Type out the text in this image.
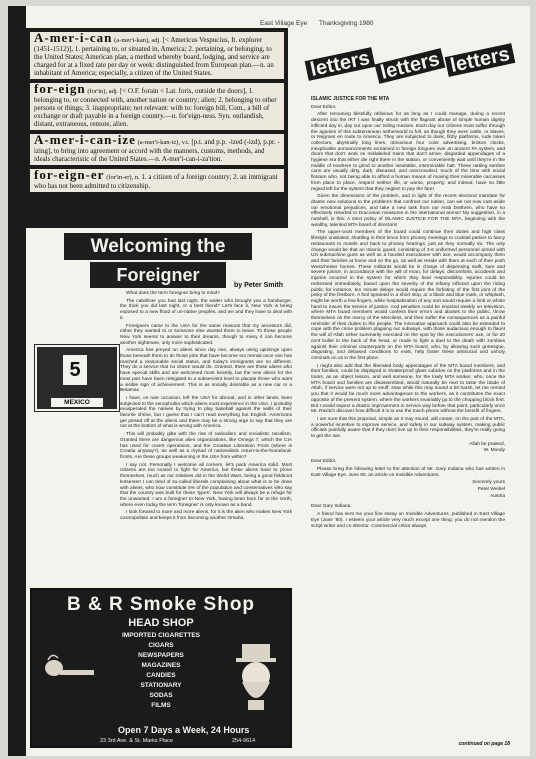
East Village Eye Thanksgiving 1980
A-mer-i-can (a-mer'i-kan), adj. [< Americus Vespucius, It. explorer (1451-1512)], 1. pertaining to, or situated in, America; 2. pertaining, or belonging, to the United States; American plan, a method whereby board, lodging, and service are charged for at a fixed rate per day or week: distinguished from European plan.—n. an inhabitant of America; especially, a citizen of the United States.
for-eign (for'in), adj. [< O.F. forain < Lat. foris, outside the doors], 1. belonging to, or connected with, another nation or country; alien; 2. belonging to other persons or things; 3. inappropriate; not relevant: with to: foreign bill, Com., a bill of exchange or draft payable in a foreign country.—n. for'eign-ness. Syn. outlandish, distant, extraneous, remote, alien.
A-mer-i-can-ize (a-mer'i-kan-iz), v.t. [p.t. and p.p. -ized (-izd), p.pr. -izing], to bring into agreement or accord with the manners, customs, methods, and ideals characteristic of the United States.—n. A-mer'i-can-i-za'tion.
for-eign-er (for'in-er), n. 1. a citizen of a foreign country; 2. an immigrant who has not been admitted to citizenship.
Welcoming the
Foreigner
by Peter Smith
5
MEXICO

What does the term foreigner bring to mind?

The cabdriver you had last night, the waiter who brought you a hamburger, the thick you did last night, or a best friend? Let's face it, New York is being exposed to a new flood of un-native peoples, and we and they have to deal with it.

Foreigners came to the USA for the same reasons that my ancestors did, either they wanted to or someone else wanted them to leave. To these people New York seems to answer to their dreams, though to many it can become another nightmare, only more sophisticated.

America has preyed on aliens since day one, always using uprisings upon those beneath them to do those jobs that have become too menial once one has reached a reasonable social status, and today's immigrants are no different. They do a service that no citizen would do. Granted, there are those aliens who have special skills and are welcomed most heartily, but the new aliens for the most part have been relegated to a subservient level to placate those who want a visible sign of achievement. This is as socially desirable as a new car or a Betamax.

I have, on rare occasion, left the USA for abroad, and in other lands, been subjected to the xenophobia which aliens must experience in the USA. I probably exasperated the natives by trying to play baseball against the walls of their favorite shrine, but I guess that I can't read everything but English. Americans get pissed off at the aliens and there may be a strong urge to say that they are not at the bottom of what is wrong with America.

This will probably gibe with the rise of radicalism and socialistic racialism. Granted there are dangerous alien organizations, like Omega 7, which the CIA has used for covert operations, and the Croatian Liberation Front (where is Croatia anyway?), as well as a myriad of nationalistic return-to-the-homeland-fronts. Are these groups weakening in the USA from within?

I say not. Personally I welcome all corners, let's pack America solid. Most citizens are too scared to fight for America, but these aliens have to prove themselves, much as our relatives did in the World Wars, being a good fieldsoot kotsenter! I can tired of so-called liberals complaining about what is to be done with aliens, who now constitute 5% of the population and conservatives who say that the country was built for these 'types'. New York will always be a refuge for the unwanted. I am a foreigner to New York, having been born far to the north, where even today the term 'foreigner' is only known as a band.

I look forward to more and more aliens, for it is the alien who makes New York cosmopolitan and keeps it from becoming another Omaha.

B & R Smoke Shop
HEAD SHOP
IMPORTED CIGARETTES
CIGARS
NEWSPAPERS
MAGAZINES
CANDIES
STATIONARY
SODAS
FILMS
Open 7 Days a Week, 24 Hours
23 3rd Ave. & St. Marks Place	254-9614
letters letters letters

ISLAMIC JUSTICE FOR THE MTA

Dear Editor,

After remaining blissfully oblivious for as long as I could manage, during a recent descent into the IRT I was finally struck with the flagrant abuse of simple human dignity inflicted day in, day out upon our toiling masses. Each day our citizens must suffer through the agonies of this subterranean netherworld to fell, as though they were cattle, or slaves, or Negroes en route to America. They are subjected to dank, filthy platforms, rude token collectors, abysmally long lines, obnoxious four color advertising, broken clocks, inexplicable announcements screamed in foreign tongues over an ancient PA system, and doors that don't work on mislabeled trains that don't arrive, disgarded appendages of a hygiene era that either die right there in the station, or conveniently wait until they're in the middle of nowhere to grind to another inevitable, interminable halt. These rattling sardine cans are usually dirty, dark, diseased, and overcrowded, much of the time with social flotsam who, not being able to afford a human means of moving their miserable carcasses from place to place, respect neither life, or worse, property, and indeed, have so little regard left for the system that they neglect to pay the fare!

Given the dimensions of the problem, and in light of the recent electoral mandate for drastic new solutions to the problems that confront our nation, can we not now cast aside our emotional prejudices, and take a new task from our Arab brethren, who have so effectively resorted to Draconian measures in the international arena? My suggestion, in a nutshell, is this: A strict policy of ISLAMIC JUSTICE FOR THE MTA, beginning with the wealthy, talented MTA board of directors!

The upper-crust members of the board could continue their duties and high class lifestyle unabated, shuttling in their limos from phoney meetings to cocktail parties to fancy restaurants to motels and back to phoney hearings, just as they normally do. The only change would be that an Islamic guard, consisting of 3-6 uniformed personnel armed with Uzi submachine guns as well as a hooded executioner with axe, would accompany them and their families at home and on the go, as well as reside with them at each of their posh Westchester homes. These militants would be in charge of dispensing swift, sure and severe justice, in accordance with the will of Iman, for delays, discomforts, accidents and injuries incurred in the system for which they bear responsibility. Injuries could be redressed immediately, based upon the severity of the infamy inflicted upon the riding public for instance, ten minute delays would require the forfeiting of the first joint of the pinky of the firstborn. A fool sprained in a short stop, or a black and blue mark, or whiplash, might be worth a few fingers, while hospitalization of any sort would require a limb or whole hand to insure the service of justice. And penalties could be enacted weekly on television, where MTA board members would confess their errors and abuses to the public, throw themselves on the mercy of the Merciless, and then suffer the consequences as a painful reminder of their duties to the people. The innovative approach could also be extended to cope with the crime problem plaguing our subways, with those audacious enough to flaunt the will of Allah either summarily executed on the spot by the executioners' axe, or for 20 cent bullet to the back of the head, or made to fight a duel to the death with zombies against their criminal counterparts on the MTA board, who, by allowing such grotesque, disgusting, and debased conditions to exist, help foster these antisocial and unholy criminals on us in the first place.

I might also add that the liberated body appendages of the MTA board members, and their families, could be displayed in shatterproof glass cubicles on the platforms and in the trains, as an object lesson, and well someone, for the lowly MTA worker, who, once the MTA board and families are disassembled, would naturally be next to taste the blade of Allah, if service were not up to snuff. Now while this may sound a bit harsh, let me remind you that it would be much more advantageous to the workers, as it constitutes the exact opposite of the present system, where the workers invariably go to the chopping block first. But I would expect a drastic improvement in service way before that point, particularly once Mr. Ravitch discover how difficult it is to use the touch phone without the benefit of fingers.

I am sure that this proposal, simple as it may sound, will create, on the part of the MTA, a powerful incentive to improve service, and safety in our subway system, making public officials painfully aware that if they don't live up to their responsibilities, they're really going to get the axe.

Allah be praised,

W. Moody

Dear Editor,

Please bring the following letter to the attention of Mr. Gary Indiana who has written in East Village Eye, June 80, an article on Invisible Adventures.

Sincerely yours

Peter Weibel

Austria

Dear Gary Indiana,

A friend has sent me your fine essay on Invisible Adventures, published in East Village Eye (June '80). I esteem your article very much except one thing: you do not mention the script writer and co-director. Commercial critics always

continued on page 18
